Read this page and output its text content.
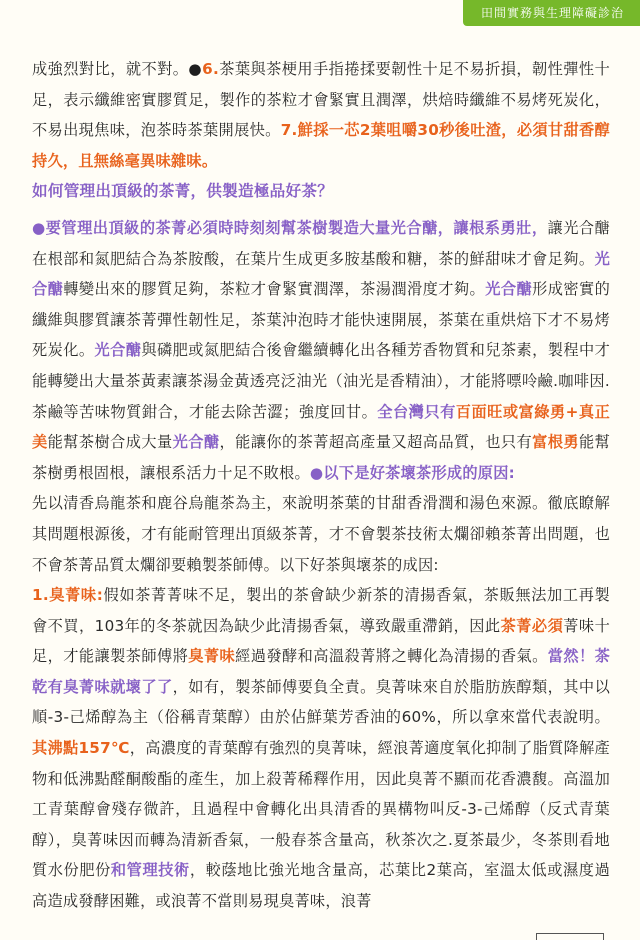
田間實務與生理障礙診治

成強烈對比，就不對。●6.茶葉與茶梗用手指捲揉要韌性十足不易折損，韌性彈性十足，表示纖維密實膠質足，製作的茶粒才會緊實且潤澤，烘焙時纖維不易烤死炭化，不易出現焦味，泡茶時茶葉開展快。7.鮮採一芯2葉咀嚼30秒後吐渣，必須甘甜香醇持久，且無絲毫異味雜味。

如何管理出頂級的茶菁，供製造極品好茶？

●要管理出頂級的茶菁必須時時刻刻幫茶樹製造大量光合醣，讓根系勇壯，讓光合醣在根部和氮肥結合為茶胺酸，在葉片生成更多胺基酸和糖，茶的鮮甜味才會足夠。光合醣轉變出來的膠質足夠，茶粒才會緊實潤澤，茶湯潤滑度才夠。光合醣形成密實的纖維與膠質讓茶菁彈性韌性足，茶葉沖泡時才能快速開展，茶葉在重烘焙下才不易烤死炭化。光合醣與磷肥或氮肥結合後會繼續轉化出各種芳香物質和兒茶素，製程中才能轉變出大量茶黃素讓茶湯金黃透亮泛油光（油光是香精油），才能將嘌呤鹼.咖啡因.茶鹼等苦味物質鉗合，才能去除苦澀；強度回甘。全台灣只有百面旺或富綠勇+真正美能幫茶樹合成大量光合醣，能讓你的茶菁超高產量又超高品質，也只有富根勇能幫茶樹勇根固根，讓根系活力十足不敗根。●以下是好茶壞茶形成的原因:

先以清香烏龍茶和鹿谷烏龍茶為主，來說明茶葉的甘甜香滑潤和湯色來源。徹底瞭解其問題根源後，才有能耐管理出頂級茶菁，才不會製茶技術太爛卻賴茶菁出問題，也不會茶菁品質太爛卻要賴製茶師傅。以下好茶與壞茶的成因:

1.臭菁味:假如茶菁菁味不足，製出的茶會缺少新茶的清揚香氣，茶販無法加工再製會不買，103年的冬茶就因為缺少此清揚香氣，導致嚴重滯銷，因此茶菁必須菁味十足，才能讓製茶師傅將臭菁味經過發酵和高溫殺菁將之轉化為清揚的香氣。當然！茶乾有臭菁味就壞了了，如有，製茶師傅要負全責。臭菁味來自於脂肪族醇類，其中以順-3-己烯醇為主（俗稱青葉醇）由於佔鮮葉芳香油的60%，所以拿來當代表說明。其沸點157℃，高濃度的青葉醇有強烈的臭菁味，經浪菁適度氧化抑制了脂質降解產物和低沸點醛酮酸酯的產生，加上殺菁稀釋作用，因此臭菁不顯而花香濃馥。高溫加工青葉醇會殘存微許，且過程中會轉化出具清香的異構物叫反-3-己烯醇（反式青葉醇），臭菁味因而轉為清新香氣，一般春茶含量高，秋茶次之.夏茶最少，冬茶則看地質水份肥份和管理技術，較蔭地比強光地含量高，芯葉比2葉高，室溫太低或濕度過高造成發酵困難，或浪菁不當則易現臭菁味，浪菁
